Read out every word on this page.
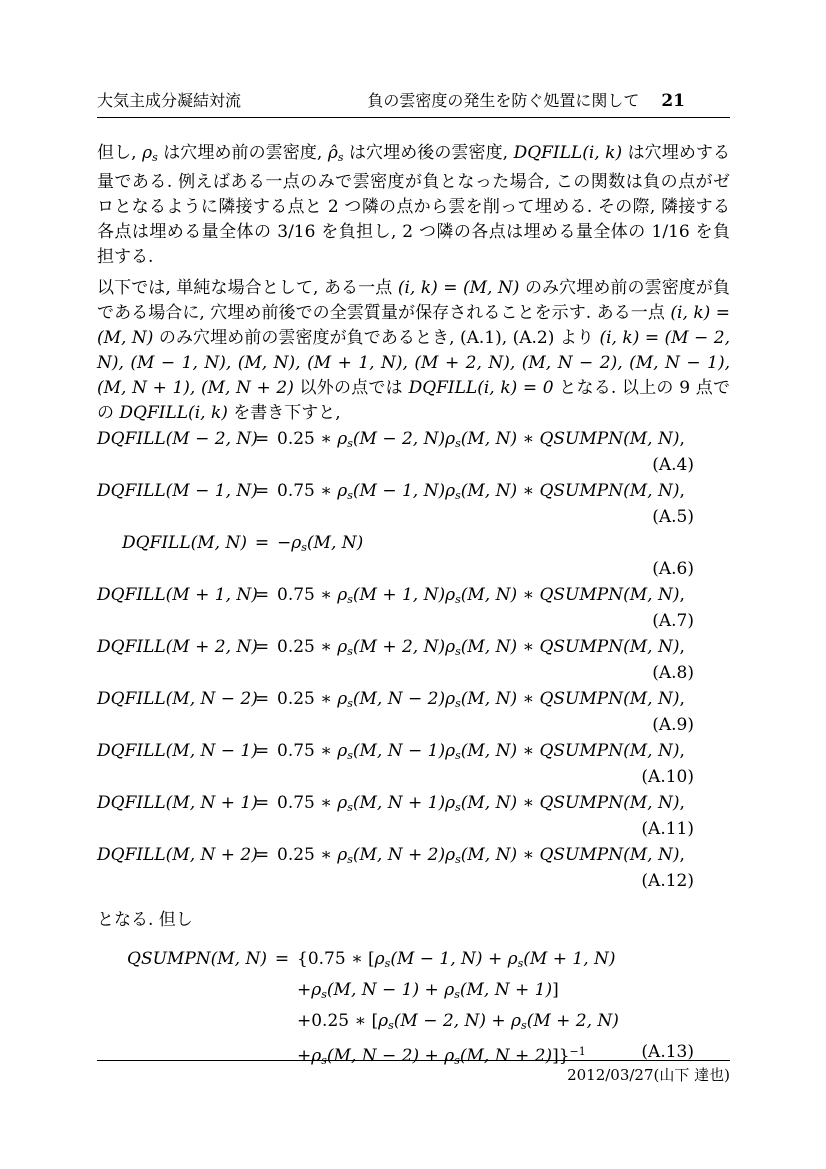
大気主成分凝結対流	負の雲密度の発生を防ぐ処置に関して 21

但し, ρs は穴埋め前の雲密度, ρ̂s は穴埋め後の雲密度, DQFILL(i, k) は穴埋めする量である. 例えばある一点のみで雲密度が負となった場合, この関数は負の点がゼロとなるように隣接する点と 2 つ隣の点から雲を削って埋める. その際, 隣接する各点は埋める量全体の 3/16 を負担し, 2 つ隣の各点は埋める量全体の 1/16 を負担する.

以下では, 単純な場合として, ある一点 (i, k) = (M, N) のみ穴埋め前の雲密度が負である場合に, 穴埋め前後での全雲質量が保存されることを示す. ある一点 (i, k) = (M, N) のみ穴埋め前の雲密度が負であるとき, (A.1), (A.2) より (i, k) = (M − 2, N), (M − 1, N), (M, N), (M + 1, N), (M + 2, N), (M, N − 2), (M, N − 1), (M, N + 1), (M, N + 2) 以外の点では DQFILL(i, k) = 0 となる. 以上の 9 点での DQFILL(i, k) を書き下すと,

DQFILL(M − 2, N)
= 0.25 ∗ ρs(M − 2, N)ρs(M, N) ∗ QSUMPN(M, N),
(A.4)
DQFILL(M − 1, N)
= 0.75 ∗ ρs(M − 1, N)ρs(M, N) ∗ QSUMPN(M, N),
(A.5)
DQFILL(M, N) = −ρs(M, N)
(A.6)
DQFILL(M + 1, N)
= 0.75 ∗ ρs(M + 1, N)ρs(M, N) ∗ QSUMPN(M, N),
(A.7)
DQFILL(M + 2, N)
= 0.25 ∗ ρs(M + 2, N)ρs(M, N) ∗ QSUMPN(M, N),
(A.8)
DQFILL(M, N − 2)
= 0.25 ∗ ρs(M, N − 2)ρs(M, N) ∗ QSUMPN(M, N),
(A.9)
DQFILL(M, N − 1)
= 0.75 ∗ ρs(M, N − 1)ρs(M, N) ∗ QSUMPN(M, N),
(A.10)
DQFILL(M, N + 1)
= 0.75 ∗ ρs(M, N + 1)ρs(M, N) ∗ QSUMPN(M, N),
(A.11)
DQFILL(M, N + 2)
= 0.25 ∗ ρs(M, N + 2)ρs(M, N) ∗ QSUMPN(M, N),
(A.12)

となる. 但し

QSUMPN(M, N) = {0.75 ∗ [ρs(M − 1, N) + ρs(M + 1, N)
+ρs(M, N − 1) + ρs(M, N + 1)]
+0.25 ∗ [ρs(M − 2, N) + ρs(M + 2, N)
+ρs(M, N − 2) + ρs(M, N + 2)]}$^{-1}$	(A.13)
2012/03/27(山下 達也)
